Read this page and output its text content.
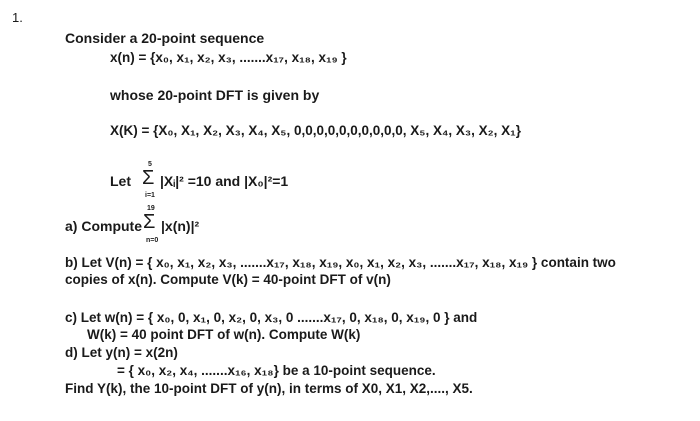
1.
Consider a 20-point sequence
x(n) = {x₀, x₁, x₂, x₃, .......x₁₇, x₁₈, x₁₉ }
whose 20-point DFT is given by
X(K) = {X₀, X₁, X₂, X₃, X₄, X₅, 0,0,0,0,0,0,0,0,0,0, X₅, X₄, X₃, X₂, X₁}
Let
5
Σ
i=1
|Xᵢ|² =10 and |X₀|²=1
a) Compute
19
Σ
n=0
|x(n)|²
b) Let V(n) = { x₀, x₁, x₂, x₃, .......x₁₇, x₁₈, x₁₉, x₀, x₁, x₂, x₃, .......x₁₇, x₁₈, x₁₉ } contain two
copies of x(n). Compute V(k) = 40-point DFT of v(n)
c) Let w(n) = { x₀, 0, x₁, 0, x₂, 0, x₃, 0 .......x₁₇, 0, x₁₈, 0, x₁₉, 0 } and
W(k) = 40 point DFT of w(n). Compute W(k)
d) Let y(n) = x(2n)
= { x₀, x₂, x₄, .......x₁₆, x₁₈} be a 10-point sequence.
Find Y(k), the 10-point DFT of y(n), in terms of X0, X1, X2,...., X5.
